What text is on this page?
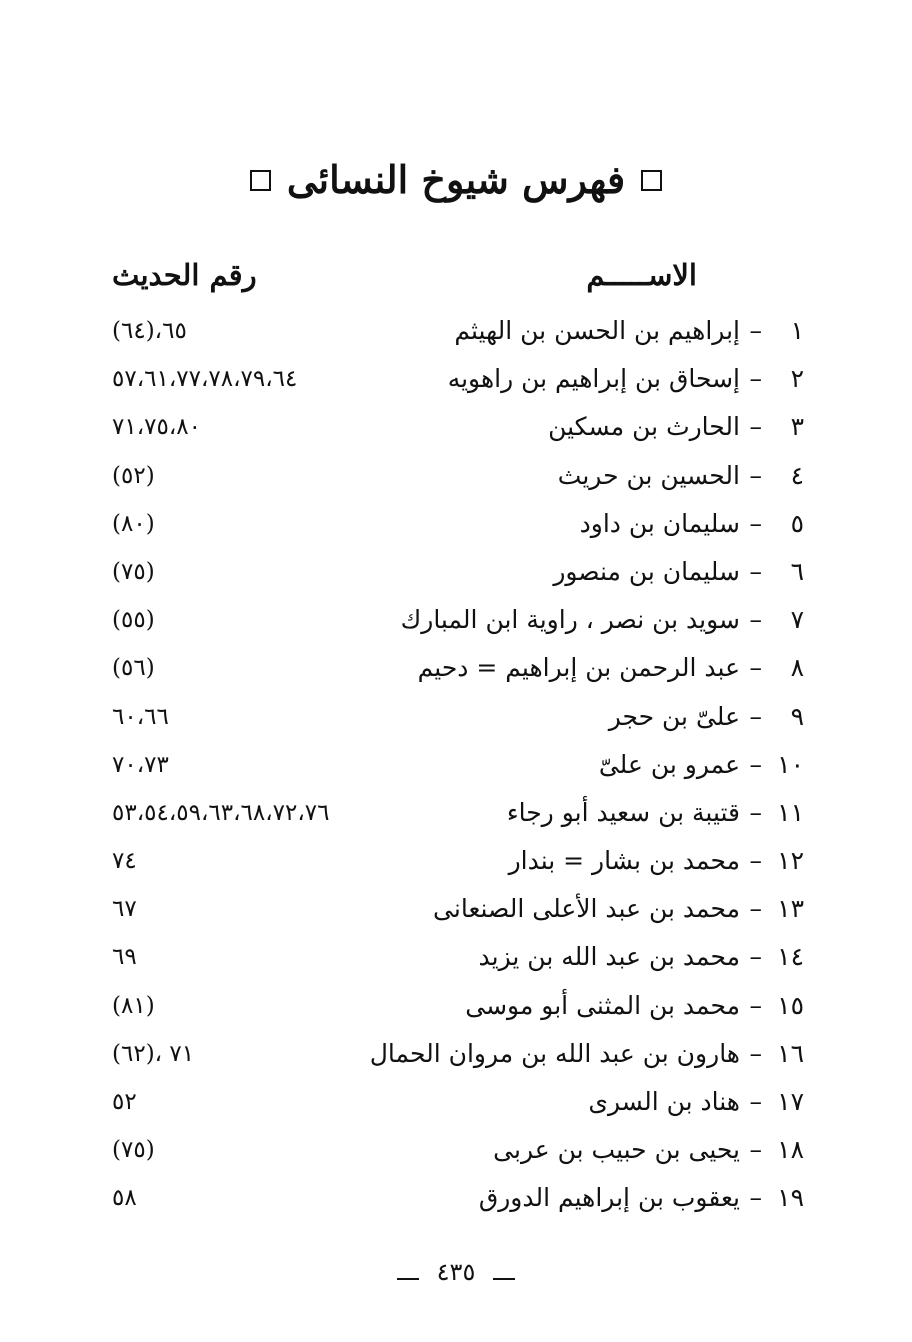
فهرس شيوخ النسائى
الاســـــم
رقم الحديث
١
–
إبراهيم بن الحسن بن الهيثم
(٦٤)،٦٥
٢
–
إسحاق بن إبراهيم بن راهويه
٥٧،٦١،٧٧،٧٨،٧٩،٦٤
٣
–
الحارث بن مسكين
٧١،٧٥،٨٠
٤
–
الحسين بن حريث
(٥٢)
٥
–
سليمان بن داود
(٨٠)
٦
–
سليمان بن منصور
(٧٥)
٧
–
سويد بن نصر ، راوية ابن المبارك
(٥٥)
٨
–
عبد الرحمن بن إبراهيم = دحيم
(٥٦)
٩
–
علىّ بن حجر
٦٠،٦٦
١٠
–
عمرو بن علىّ
٧٠،٧٣
١١
–
قتيبة بن سعيد أبو رجاء
٥٣،٥٤،٥٩،٦٣،٦٨،٧٢،٧٦
١٢
–
محمد بن بشار = بندار
٧٤
١٣
–
محمد بن عبد الأعلى الصنعانى
٦٧
١٤
–
محمد بن عبد الله بن يزيد
٦٩
١٥
–
محمد بن المثنى أبو موسى
(٨١)
١٦
–
هارون بن عبد الله بن مروان الحمال
(٦٢)، ٧١
١٧
–
هناد بن السرى
٥٢
١٨
–
يحيى بن حبيب بن عربى
(٧٥)
١٩
–
يعقوب بن إبراهيم الدورق
٥٨
٤٣٥
